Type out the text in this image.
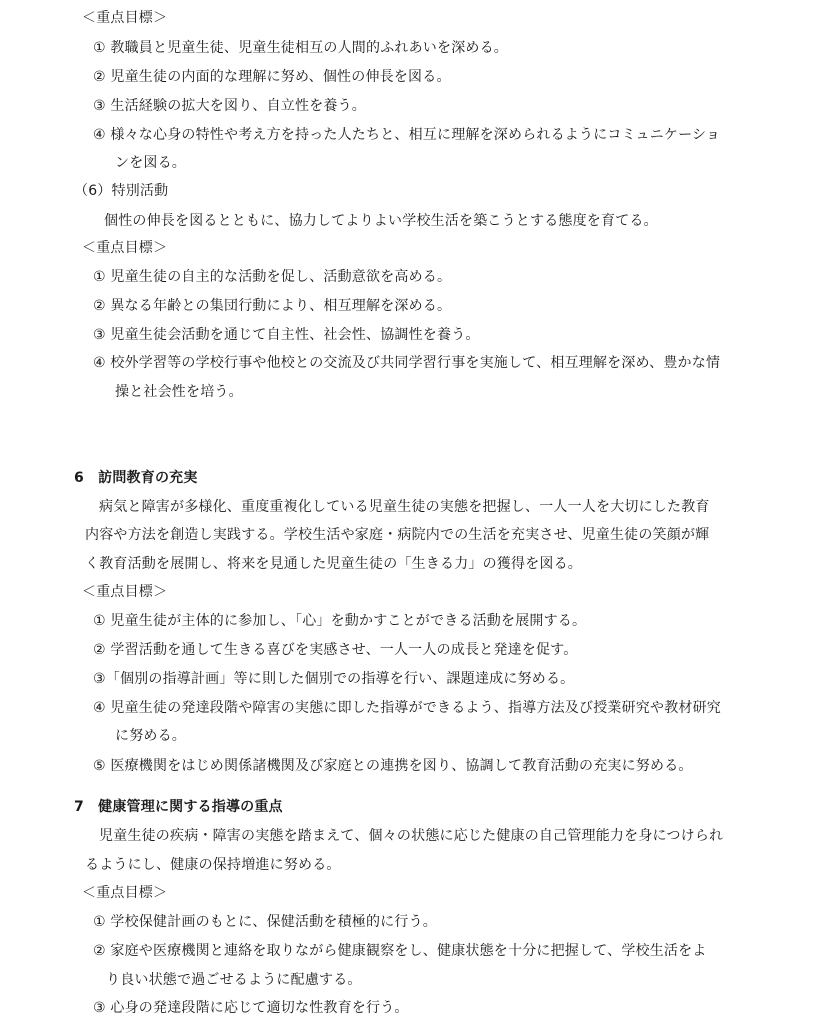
＜重点目標＞
① 教職員と児童生徒、児童生徒相互の人間的ふれあいを深める。
② 児童生徒の内面的な理解に努め、個性の伸長を図る。
③ 生活経験の拡大を図り、自立性を養う。
④ 様々な心身の特性や考え方を持った人たちと、相互に理解を深められるようにコミュニケーショ
ンを図る。
（6）特別活動
個性の伸長を図るとともに、協力してよりよい学校生活を築こうとする態度を育てる。
＜重点目標＞
① 児童生徒の自主的な活動を促し、活動意欲を高める。
② 異なる年齢との集団行動により、相互理解を深める。
③ 児童生徒会活動を通じて自主性、社会性、協調性を養う。
④ 校外学習等の学校行事や他校との交流及び共同学習行事を実施して、相互理解を深め、豊かな情
操と社会性を培う。
6　訪問教育の充実
病気と障害が多様化、重度重複化している児童生徒の実態を把握し、一人一人を大切にした教育
内容や方法を創造し実践する。学校生活や家庭・病院内での生活を充実させ、児童生徒の笑顔が輝
く教育活動を展開し、将来を見通した児童生徒の「生きる力」の獲得を図る。
＜重点目標＞
① 児童生徒が主体的に参加し、「心」を動かすことができる活動を展開する。
② 学習活動を通して生きる喜びを実感させ、一人一人の成長と発達を促す。
③「個別の指導計画」等に則した個別での指導を行い、課題達成に努める。
④ 児童生徒の発達段階や障害の実態に即した指導ができるよう、指導方法及び授業研究や教材研究
に努める。
⑤ 医療機関をはじめ関係諸機関及び家庭との連携を図り、協調して教育活動の充実に努める。
7　健康管理に関する指導の重点
児童生徒の疾病・障害の実態を踏まえて、個々の状態に応じた健康の自己管理能力を身につけられ
るようにし、健康の保持増進に努める。
＜重点目標＞
① 学校保健計画のもとに、保健活動を積極的に行う。
② 家庭や医療機関と連絡を取りながら健康観察をし、健康状態を十分に把握して、学校生活をよ
り良い状態で過ごせるように配慮する。
③ 心身の発達段階に応じて適切な性教育を行う。
